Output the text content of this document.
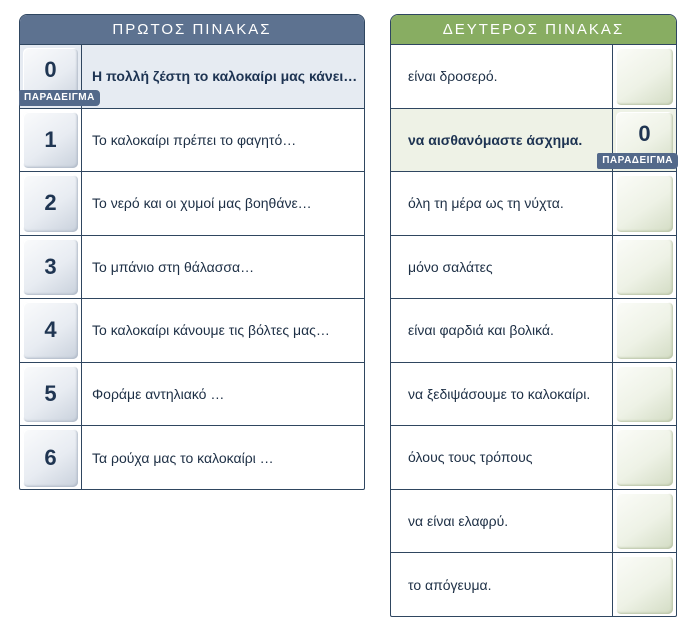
ΠΡΩΤΟΣ ΠΙΝΑΚΑΣ
0	Η πολλή ζέστη το καλοκαίρι μας κάνει…
ΠΑΡΑΔΕΙΓΜΑ
1	Το καλοκαίρι πρέπει το φαγητό…
2	Το νερό και οι χυμοί μας βοηθάνε…
3	Το μπάνιο στη θάλασσα…
4	Το καλοκαίρι κάνουμε τις βόλτες μας…
5	Φοράμε αντηλιακό …
6	Τα ρούχα μας το καλοκαίρι …
ΔΕΥΤΕΡΟΣ ΠΙΝΑΚΑΣ
είναι δροσερό.
να αισθανόμαστε άσχημα.	0
ΠΑΡΑΔΕΙΓΜΑ
όλη τη μέρα ως τη νύχτα.
μόνο σαλάτες
είναι φαρδιά και βολικά.
να ξεδιψάσουμε το καλοκαίρι.
όλους τους τρόπους
να είναι ελαφρύ.
το απόγευμα.
